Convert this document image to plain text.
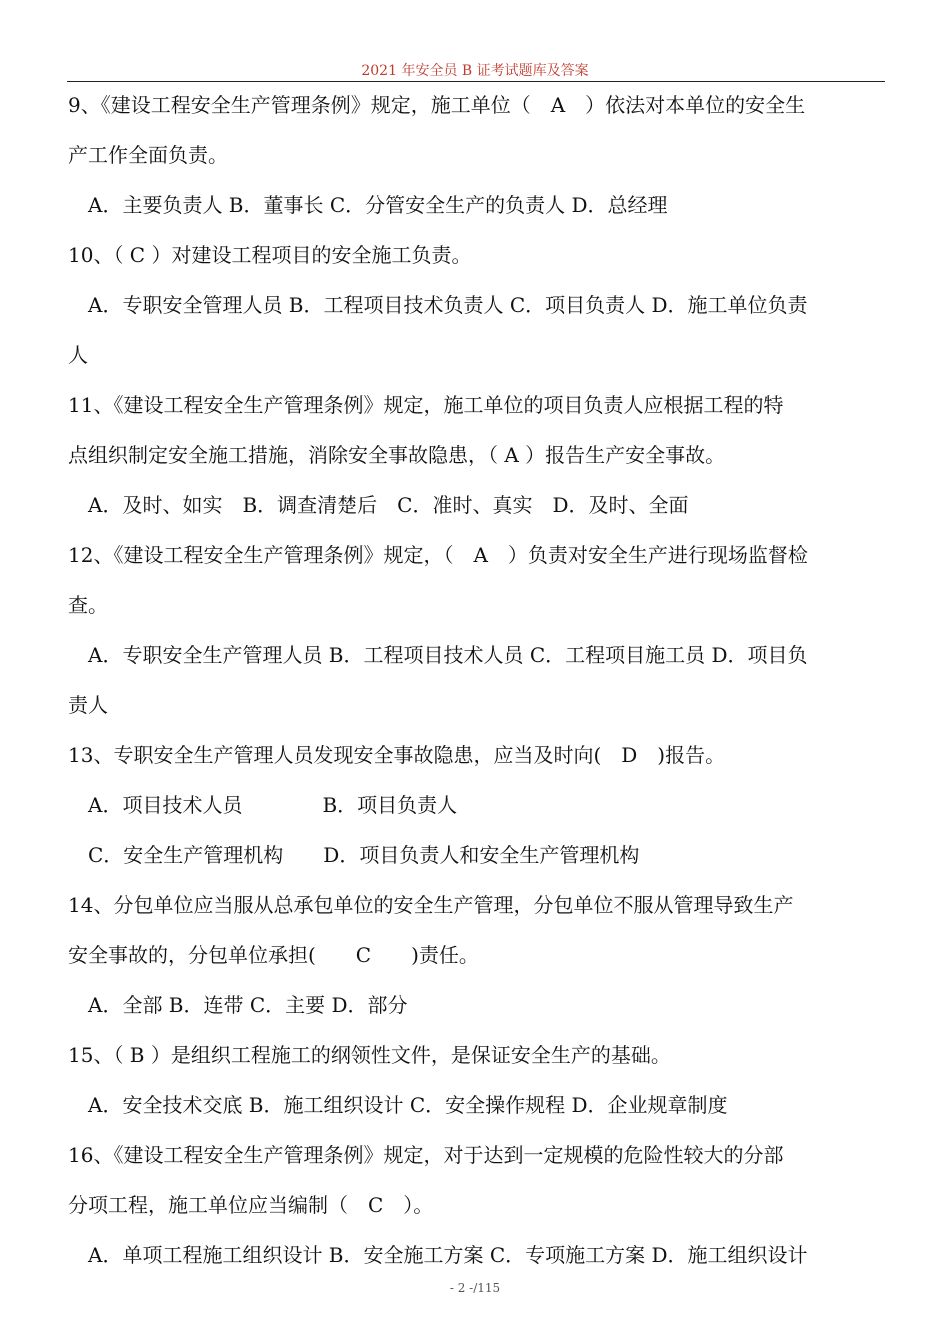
2021 年安全员 B 证考试题库及答案
9、《建设工程安全生产管理条例》规定，施工单位（　A　）依法对本单位的安全生
产工作全面负责。
A．主要负责人 B．董事长 C．分管安全生产的负责人 D．总经理
10、（ C ）对建设工程项目的安全施工负责。
A．专职安全管理人员 B．工程项目技术负责人 C．项目负责人 D．施工单位负责
人
11、《建设工程安全生产管理条例》规定，施工单位的项目负责人应根据工程的特
点组织制定安全施工措施，消除安全事故隐患，（ A ）报告生产安全事故。
A．及时、如实　B．调查清楚后　C．准时、真实　D．及时、全面
12、《建设工程安全生产管理条例》规定，（　A　）负责对安全生产进行现场监督检
查。
A．专职安全生产管理人员 B．工程项目技术人员 C．工程项目施工员 D．项目负
责人
13、专职安全生产管理人员发现安全事故隐患，应当及时向(　D　)报告。
A．项目技术人员　　　　B．项目负责人
C．安全生产管理机构　　D．项目负责人和安全生产管理机构
14、分包单位应当服从总承包单位的安全生产管理，分包单位不服从管理导致生产
安全事故的，分包单位承担(　　C　　)责任。
A．全部 B．连带 C．主要 D．部分
15、（ B ）是组织工程施工的纲领性文件，是保证安全生产的基础。
A．安全技术交底 B．施工组织设计 C．安全操作规程 D．企业规章制度
16、《建设工程安全生产管理条例》规定，对于达到一定规模的危险性较大的分部
分项工程，施工单位应当编制（　C　）。
A．单项工程施工组织设计 B．安全施工方案 C．专项施工方案 D．施工组织设计
- 2 -/115
